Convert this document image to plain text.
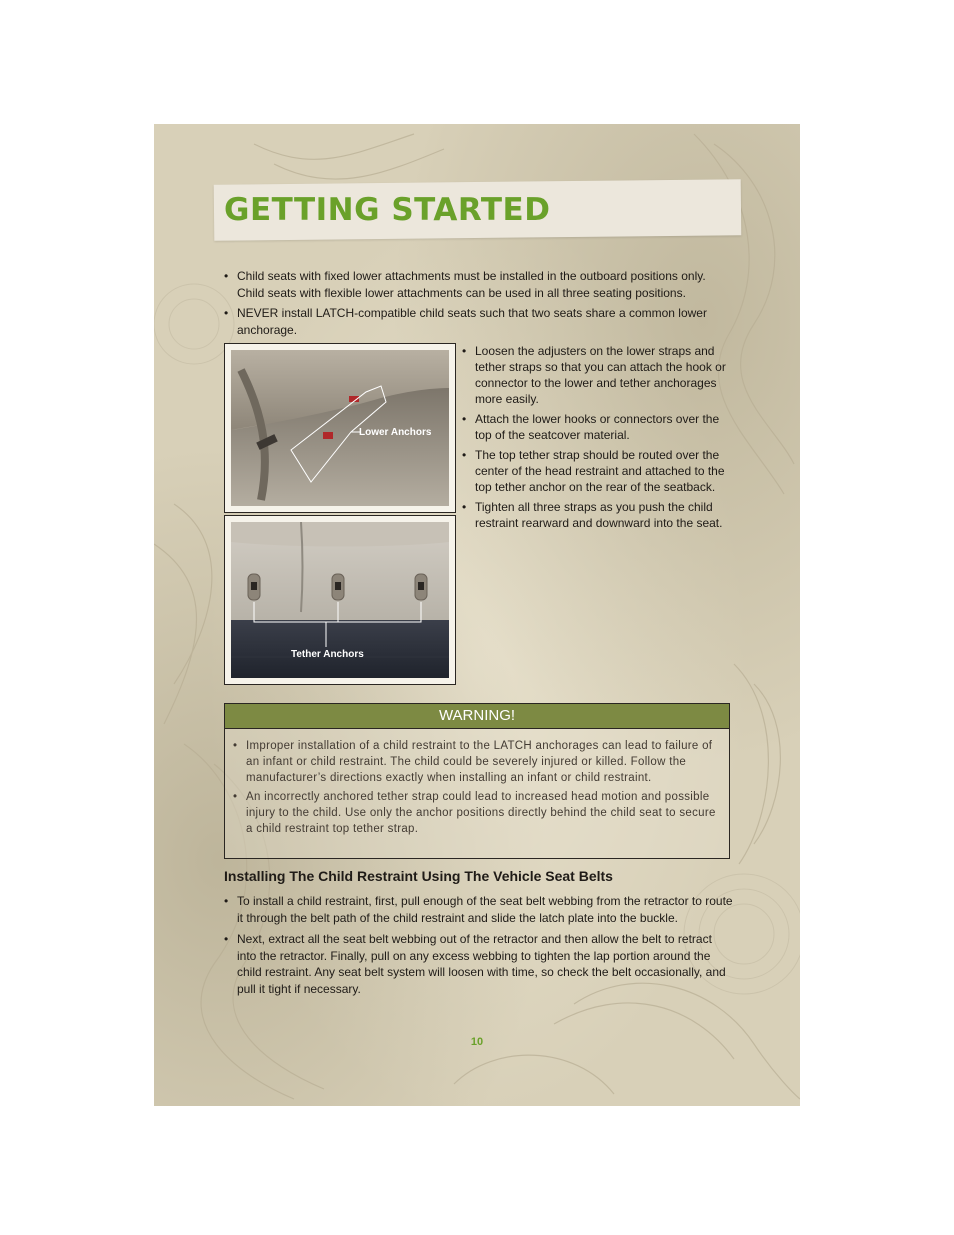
GETTING STARTED
• Child seats with fixed lower attachments must be installed in the outboard positions only. Child seats with flexible lower attachments can be used in all three seating positions.
• NEVER install LATCH-compatible child seats such that two seats share a common lower anchorage.
Lower Anchors
Tether Anchors
• Loosen the adjusters on the lower straps and tether straps so that you can attach the hook or connector to the lower and tether anchorages more easily.
• Attach the lower hooks or connectors over the top of the seatcover material.
• The top tether strap should be routed over the center of the head restraint and attached to the top tether anchor on the rear of the seatback.
• Tighten all three straps as you push the child restraint rearward and downward into the seat.
WARNING!
• Improper installation of a child restraint to the LATCH anchorages can lead to failure of an infant or child restraint. The child could be severely injured or killed. Follow the manufacturer’s directions exactly when installing an infant or child restraint.
• An incorrectly anchored tether strap could lead to increased head motion and possible injury to the child. Use only the anchor positions directly behind the child seat to secure a child restraint top tether strap.
Installing The Child Restraint Using The Vehicle Seat Belts
• To install a child restraint, first, pull enough of the seat belt webbing from the retractor to route it through the belt path of the child restraint and slide the latch plate into the buckle.
• Next, extract all the seat belt webbing out of the retractor and then allow the belt to retract into the retractor. Finally, pull on any excess webbing to tighten the lap portion around the child restraint. Any seat belt system will loosen with time, so check the belt occasionally, and pull it tight if necessary.
10
